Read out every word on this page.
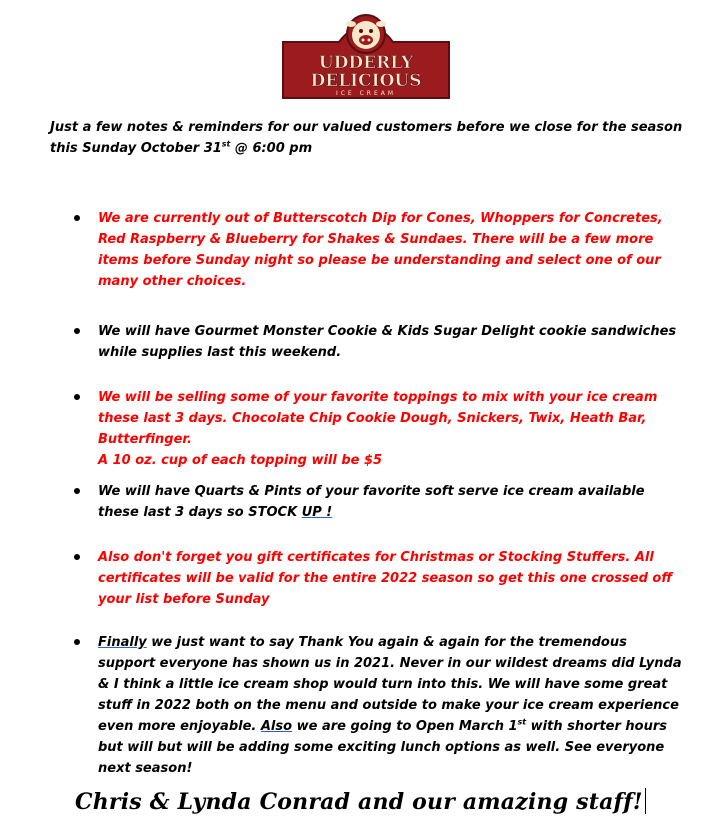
UDDERLY
DELICIOUS
ICE CREAM
Just a few notes & reminders for our valued customers before we close for the season this Sunday October 31st @ 6:00 pm
We are currently out of Butterscotch Dip for Cones, Whoppers for Concretes, Red Raspberry & Blueberry for Shakes & Sundaes. There will be a few more items before Sunday night so please be understanding and select one of our many other choices.
We will have Gourmet Monster Cookie & Kids Sugar Delight cookie sandwiches while supplies last this weekend.
We will be selling some of your favorite toppings to mix with your ice cream these last 3 days. Chocolate Chip Cookie Dough, Snickers, Twix, Heath Bar, Butterfinger.
A 10 oz. cup of each topping will be $5
We will have Quarts & Pints of your favorite soft serve ice cream available these last 3 days so STOCK UP !
Also don't forget you gift certificates for Christmas or Stocking Stuffers. All certificates will be valid for the entire 2022 season so get this one crossed off your list before Sunday
Finally we just want to say Thank You again & again for the tremendous support everyone has shown us in 2021. Never in our wildest dreams did Lynda & I think a little ice cream shop would turn into this. We will have some great stuff in 2022 both on the menu and outside to make your ice cream experience even more enjoyable. Also we are going to Open March 1st with shorter hours but will but will be adding some exciting lunch options as well. See everyone next season!
Chris & Lynda Conrad and our amazing staff!
